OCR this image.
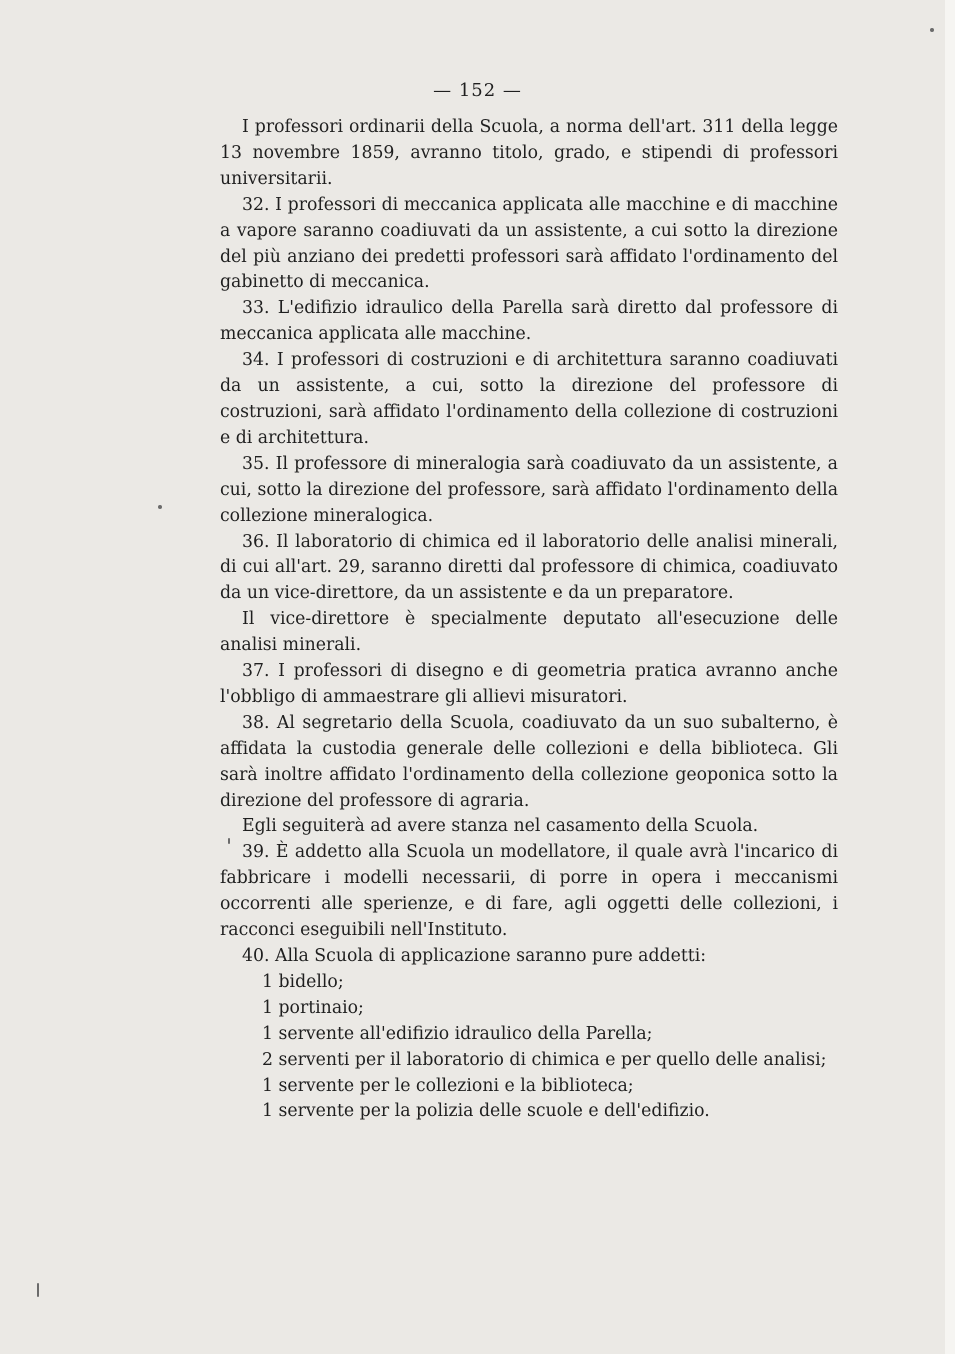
— 152 —

I professori ordinarii della Scuola, a norma dell'art. 311 della legge 13 novembre 1859, avranno titolo, grado, e stipendi di professori universitarii.

32. I professori di meccanica applicata alle macchine e di macchine a vapore saranno coadiuvati da un assistente, a cui sotto la direzione del più anziano dei predetti professori sarà affidato l'ordinamento del gabinetto di meccanica.

33. L'edifizio idraulico della Parella sarà diretto dal professore di meccanica applicata alle macchine.

34. I professori di costruzioni e di architettura saranno coadiuvati da un assistente, a cui, sotto la direzione del professore di costruzioni, sarà affidato l'ordinamento della collezione di costruzioni e di architettura.

35. Il professore di mineralogia sarà coadiuvato da un assistente, a cui, sotto la direzione del professore, sarà affidato l'ordinamento della collezione mineralogica.

36. Il laboratorio di chimica ed il laboratorio delle analisi minerali, di cui all'art. 29, saranno diretti dal professore di chimica, coadiuvato da un vice-direttore, da un assistente e da un preparatore.

Il vice-direttore è specialmente deputato all'esecuzione delle analisi minerali.

37. I professori di disegno e di geometria pratica avranno anche l'obbligo di ammaestrare gli allievi misuratori.

38. Al segretario della Scuola, coadiuvato da un suo subalterno, è affidata la custodia generale delle collezioni e della biblioteca. Gli sarà inoltre affidato l'ordinamento della collezione geoponica sotto la direzione del professore di agraria.

Egli seguiterà ad avere stanza nel casamento della Scuola.

39. È addetto alla Scuola un modellatore, il quale avrà l'incarico di fabbricare i modelli necessarii, di porre in opera i meccanismi occorrenti alle sperienze, e di fare, agli oggetti delle collezioni, i racconci eseguibili nell'Instituto.

40. Alla Scuola di applicazione saranno pure addetti:

1 bidello;
1 portinaio;
1 servente all'edifizio idraulico della Parella;
2 serventi per il laboratorio di chimica e per quello delle analisi;
1 servente per le collezioni e la biblioteca;
1 servente per la polizia delle scuole e dell'edifizio.
